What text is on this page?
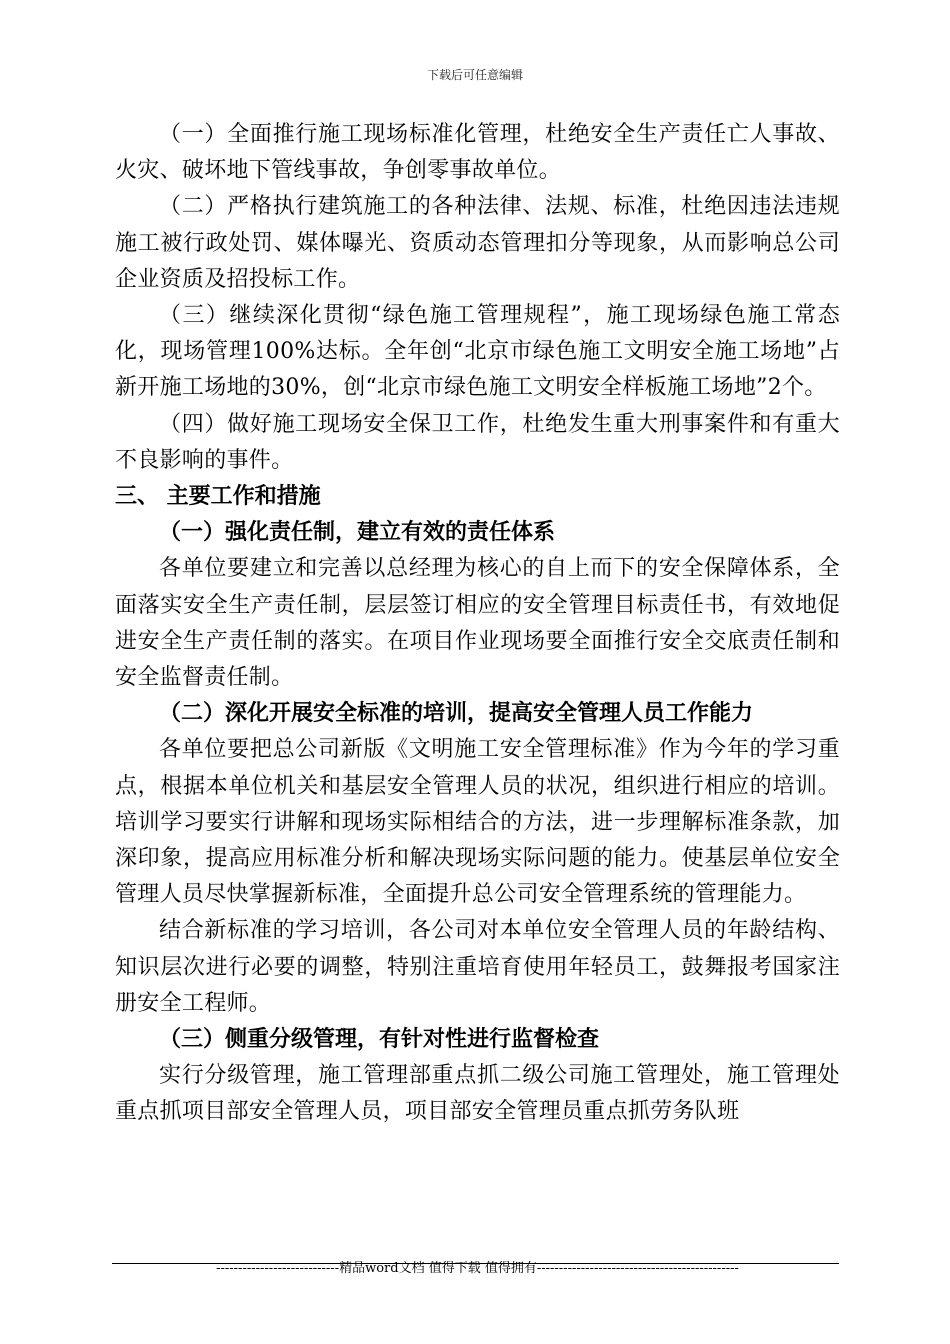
下载后可任意编辑

（一）全面推行施工现场标准化管理，杜绝安全生产责任亡人事故、火灾、破坏地下管线事故，争创零事故单位。

（二）严格执行建筑施工的各种法律、法规、标准，杜绝因违法违规施工被行政处罚、媒体曝光、资质动态管理扣分等现象，从而影响总公司企业资质及招投标工作。

（三）继续深化贯彻“绿色施工管理规程”，施工现场绿色施工常态化，现场管理100%达标。全年创“北京市绿色施工文明安全施工场地”占新开施工场地的30%，创“北京市绿色施工文明安全样板施工场地”2个。

（四）做好施工现场安全保卫工作，杜绝发生重大刑事案件和有重大不良影响的事件。

三、 主要工作和措施

（一）强化责任制，建立有效的责任体系

各单位要建立和完善以总经理为核心的自上而下的安全保障体系，全面落实安全生产责任制，层层签订相应的安全管理目标责任书，有效地促进安全生产责任制的落实。在项目作业现场要全面推行安全交底责任制和安全监督责任制。

（二）深化开展安全标准的培训，提高安全管理人员工作能力

各单位要把总公司新版《文明施工安全管理标准》作为今年的学习重点，根据本单位机关和基层安全管理人员的状况，组织进行相应的培训。培训学习要实行讲解和现场实际相结合的方法，进一步理解标准条款，加深印象，提高应用标准分析和解决现场实际问题的能力。使基层单位安全管理人员尽快掌握新标准，全面提升总公司安全管理系统的管理能力。

结合新标准的学习培训，各公司对本单位安全管理人员的年龄结构、知识层次进行必要的调整，特别注重培育使用年轻员工，鼓舞报考国家注册安全工程师。

（三）侧重分级管理，有针对性进行监督检查

实行分级管理，施工管理部重点抓二级公司施工管理处，施工管理处重点抓项目部安全管理人员，项目部安全管理员重点抓劳务队班

----------------------------精品word文档 值得下载 值得拥有----------------------------------------------
